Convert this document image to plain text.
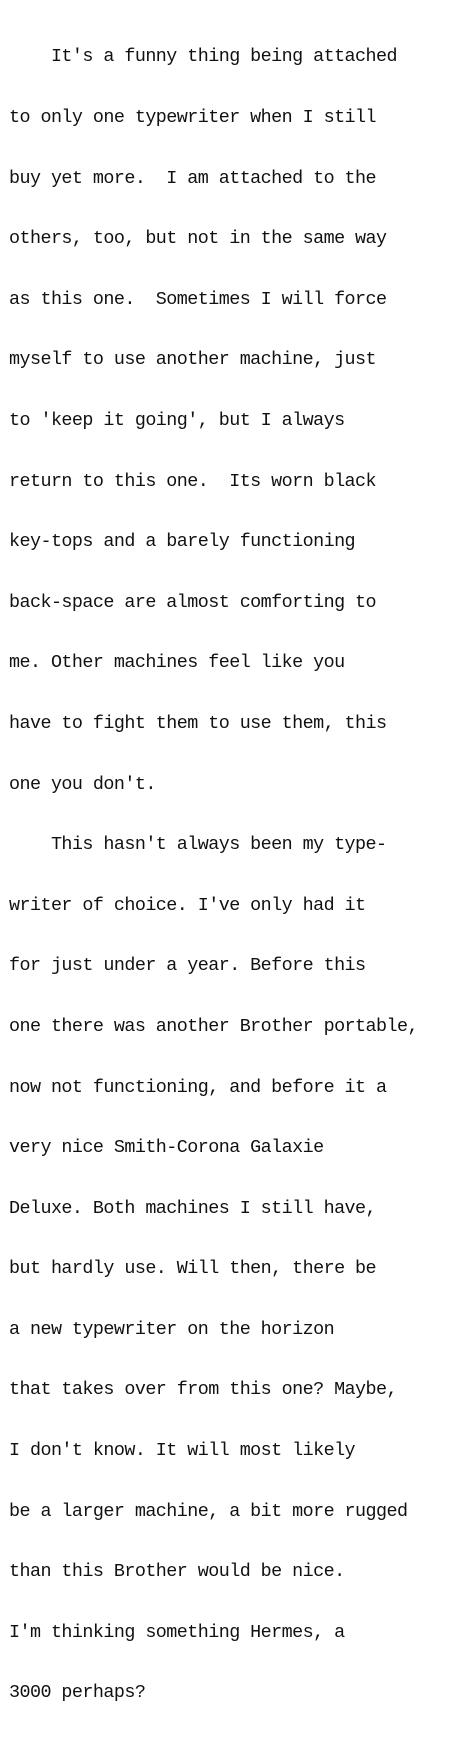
It's a funny thing being attached

to only one typewriter when I still

buy yet more.  I am attached to the

others, too, but not in the same way

as this one.  Sometimes I will force

myself to use another machine, just

to 'keep it going', but I always

return to this one.  Its worn black

key-tops and a barely functioning

back-space are almost comforting to

me. Other machines feel like you

have to fight them to use them, this

one you don't.

This hasn't always been my type-

writer of choice. I've only had it

for just under a year. Before this

one there was another Brother portable,

now not functioning, and before it a

very nice Smith-Corona Galaxie

Deluxe. Both machines I still have,

but hardly use. Will then, there be

a new typewriter on the horizon

that takes over from this one? Maybe,

I don't know. It will most likely

be a larger machine, a bit more rugged

than this Brother would be nice.

I'm thinking something Hermes, a

3000 perhaps?
